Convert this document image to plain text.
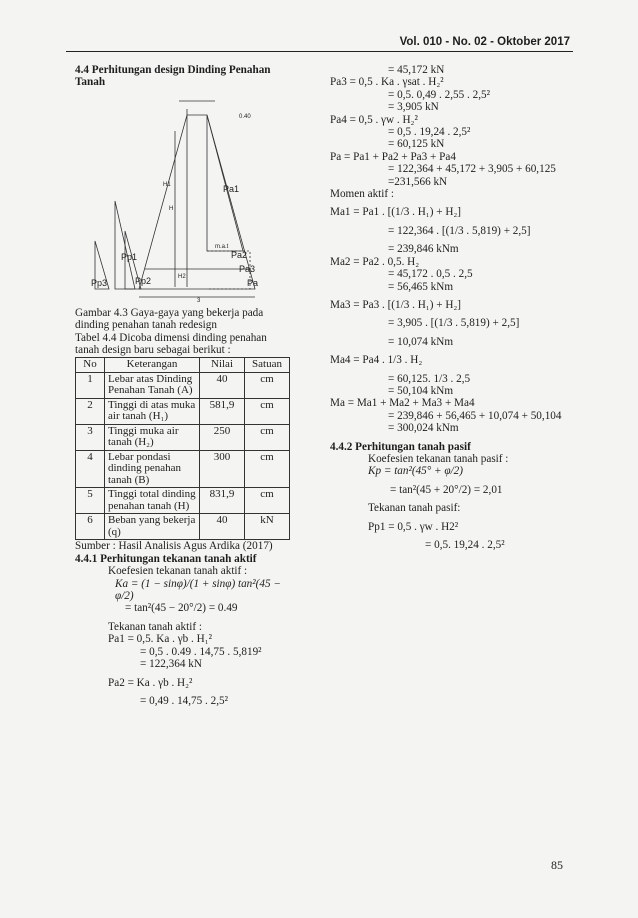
Vol. 010 - No. 02 - Oktober 2017

4.4 Perhitungan design Dinding Penahan Tanah

0.40
H1
H
H2
m.a.t
3
Pa1
Pa2
Pa3
Pa
Pp1
Pp2
Pp3

Gambar 4.3 Gaya-gaya yang bekerja pada dinding penahan tanah redesign

Tabel 4.4 Dicoba dimensi dinding penahan tanah design baru sebagai berikut :

No	Keterangan	Nilai	Satuan
1	Lebar atas Dinding Penahan Tanah (A)	40	cm
2	Tinggi di atas muka air tanah (H₁)	581,9	cm
3	Tinggi muka air tanah (H₂)	250	cm
4	Lebar pondasi dinding penahan tanah (B)	300	cm
5	Tinggi total dinding penahan tanah (H)	831,9	cm
6	Beban yang bekerja (q)	40	kN

Sumber : Hasil Analisis Agus Ardika (2017)

4.4.1 Perhitungan tekanan tanah aktif

Koefesien tekanan tanah aktif :

Ka = (1 − sinφ)/(1 + sinφ) tan²(45 − φ/2)

= tan²(45 − 20°/2) = 0.49

Tekanan tanah aktif :

Pa1 = 0,5. Ka . γb . H₁²

= 0,5 . 0.49 . 14,75 . 5,819²

= 122,364 kN

Pa2 = Ka . γb . H₂²

= 0,49 . 14,75 . 2,5²

= 45,172 kN

Pa3 = 0,5 . Ka . γsat . H₂²

= 0,5. 0,49 . 2,55 . 2,5²

= 3,905 kN

Pa4 = 0,5 . γw . H₂²

= 0,5 . 19,24 . 2,5²

= 60,125 kN

Pa = Pa1 + Pa2 + Pa3 + Pa4

= 122,364 + 45,172 + 3,905 + 60,125

=231,566 kN

Momen aktif :

Ma1 = Pa1 . [(1/3 . H₁) + H₂]

= 122,364 . [(1/3 . 5,819) + 2,5]

= 239,846 kNm

Ma2 = Pa2 . 0,5. H₂

= 45,172 . 0,5 . 2,5

= 56,465 kNm

Ma3 = Pa3 . [(1/3 . H₁) + H₂]

= 3,905 . [(1/3 . 5,819) + 2,5]

= 10,074 kNm

Ma4 = Pa4 . 1/3 . H₂

= 60,125. 1/3 . 2,5

= 50,104 kNm

Ma = Ma1 + Ma2 + Ma3 + Ma4

= 239,846 + 56,465 + 10,074 + 50,104

= 300,024 kNm

4.4.2 Perhitungan tanah pasif

Koefesien tekanan tanah pasif :

Kp = tan²(45° + φ/2)

= tan²(45 + 20°/2) = 2,01

Tekanan tanah pasif:

Pp1 = 0,5 . γw . H2²

= 0,5. 19,24 . 2,5²

85
